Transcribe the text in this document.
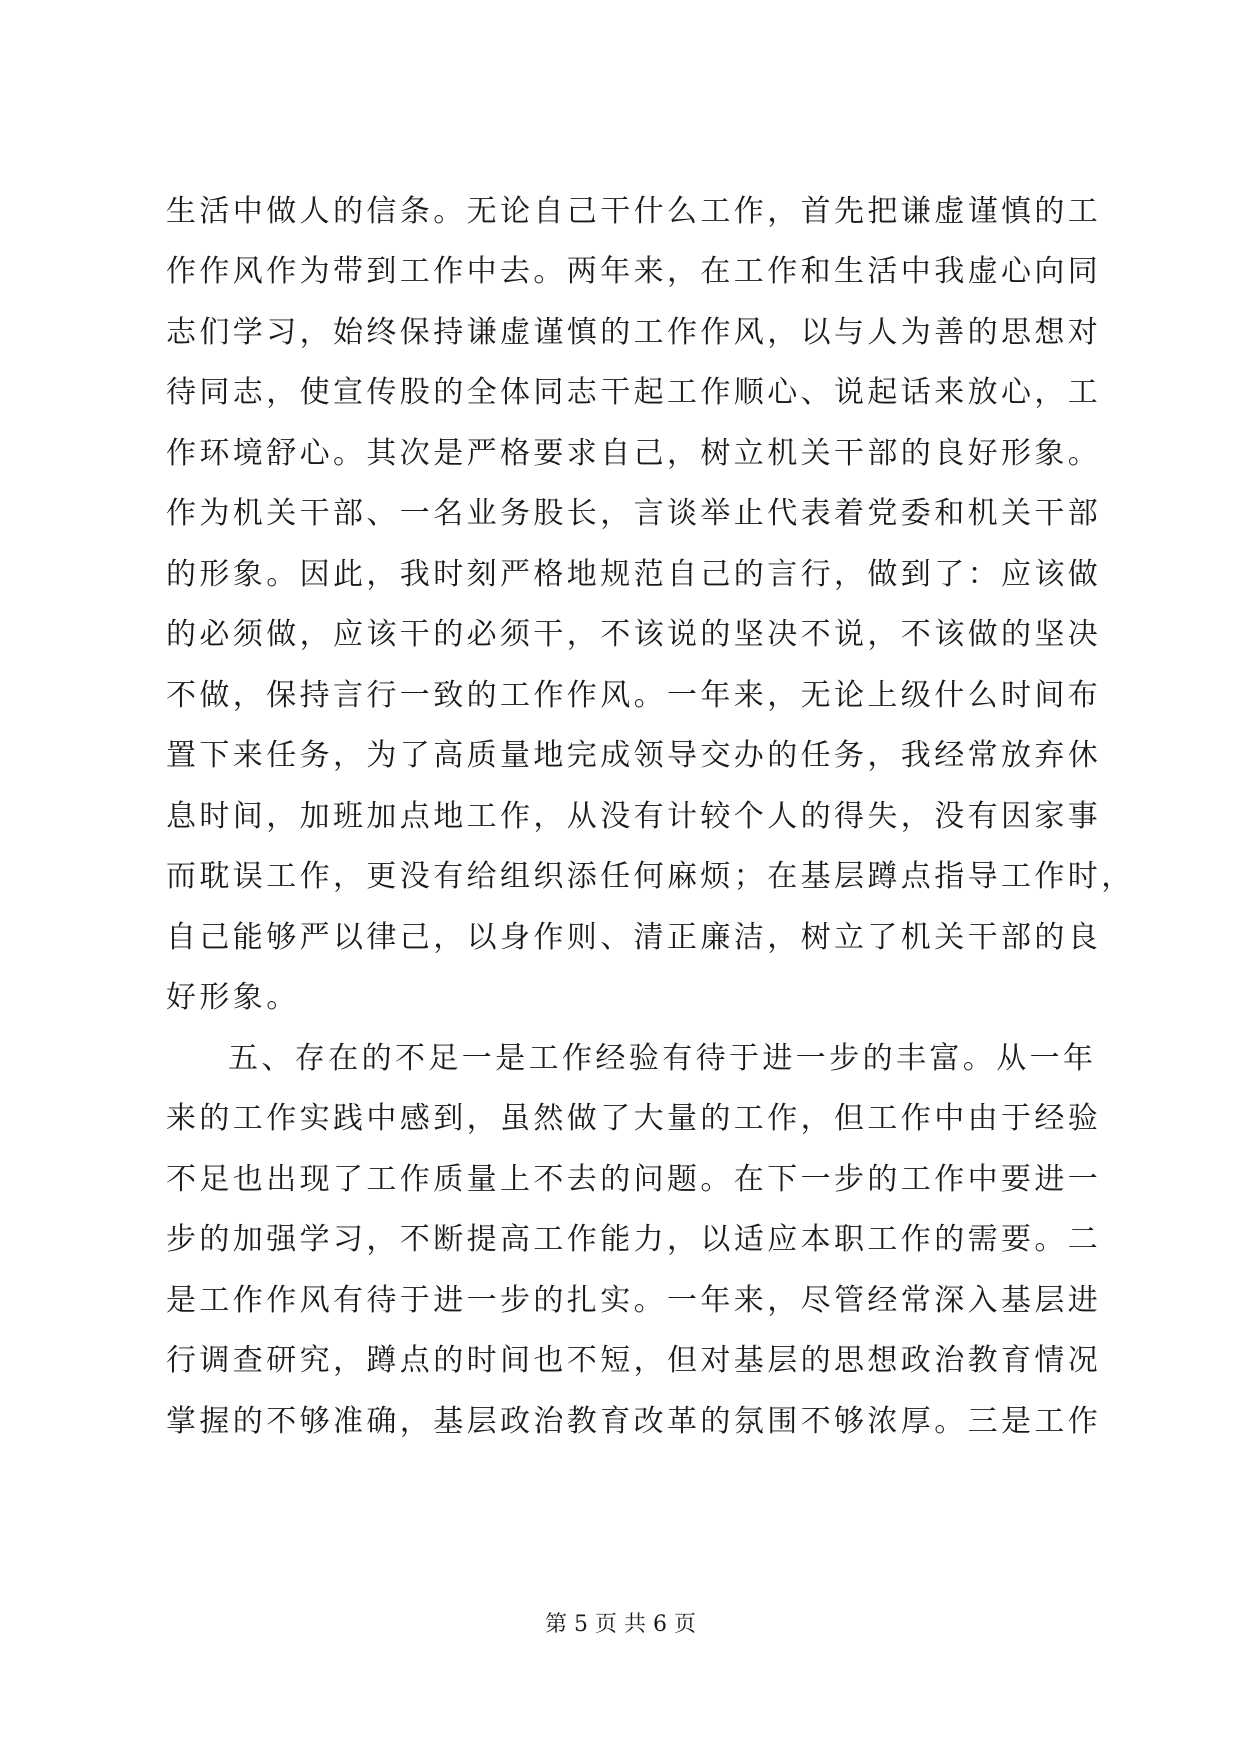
生活中做人的信条。无论自己干什么工作，首先把谦虚谨慎的工
作作风作为带到工作中去。两年来，在工作和生活中我虚心向同
志们学习，始终保持谦虚谨慎的工作作风，以与人为善的思想对
待同志，使宣传股的全体同志干起工作顺心、说起话来放心，工
作环境舒心。其次是严格要求自己，树立机关干部的良好形象。
作为机关干部、一名业务股长，言谈举止代表着党委和机关干部
的形象。因此，我时刻严格地规范自己的言行，做到了：应该做
的必须做，应该干的必须干，不该说的坚决不说，不该做的坚决
不做，保持言行一致的工作作风。一年来，无论上级什么时间布
置下来任务，为了高质量地完成领导交办的任务，我经常放弃休
息时间，加班加点地工作，从没有计较个人的得失，没有因家事
而耽误工作，更没有给组织添任何麻烦；在基层蹲点指导工作时，
自己能够严以律己，以身作则、清正廉洁，树立了机关干部的良
好形象。
五、存在的不足一是工作经验有待于进一步的丰富。从一年
来的工作实践中感到，虽然做了大量的工作，但工作中由于经验
不足也出现了工作质量上不去的问题。在下一步的工作中要进一
步的加强学习，不断提高工作能力，以适应本职工作的需要。二
是工作作风有待于进一步的扎实。一年来，尽管经常深入基层进
行调查研究，蹲点的时间也不短，但对基层的思想政治教育情况
掌握的不够准确，基层政治教育改革的氛围不够浓厚。三是工作
第 5 页 共 6 页
